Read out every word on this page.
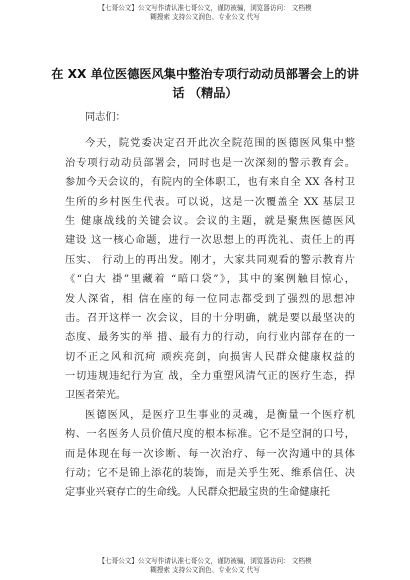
【七哥公文】公文写作请认准七哥公文，谨防被骗，浏览器访问： 文档模
糊搜索 支持公文润色、专业公文 代写
在 XX 单位医德医风集中整治专项行动动员部署会上的讲
话 （精品）
同志们：
今天，院党委决定召开此次全院范围的医德医风集中整
治专项行动动员部署会，同时也是一次深刻的警示教育会。
参加今天会议的，有院内的全体职工，也有来自全 XX 各村卫
生所的乡村医生代表。可以说，这是一次覆盖全 XX 基层卫
生 健康战线的关键会议。会议的主题，就是聚焦医德医风
建设 这一核心命题，进行一次思想上的再洗礼、责任上的再
压实、 行动上的再出发。刚才，大家共同观看的警示教育片
《“白大 褂”里藏着 “暗口袋”》，其中的案例触目惊心，
发人深省，相 信在座的每一位同志都受到了强烈的思想冲
击。召开这样一 次会议，目的十分明确，就是要以最坚决的
态度、最务实的举 措、最有力的行动，向行业内部存在的一
切不正之风和沉疴 顽疾亮剑，向损害人民群众健康权益的
一切违规违纪行为宣 战，全力重塑风清气正的医疗生态，捍
卫医者荣光。
医德医风，是医疗卫生事业的灵魂，是衡量一个医疗机
构、一名医务人员价值尺度的根本标准。它不是空洞的口号，
而是体现在每一次诊断、每一次治疗、每一次沟通中的具体
行动；它不是锦上添花的装饰，而是关乎生死、维系信任、决
定事业兴衰存亡的生命线。人民群众把最宝贵的生命健康托
【七哥公文】公文写作请认准七哥公文，谨防被骗，浏览器访问： 文档模
糊搜索 支持公文润色、专业公文 代写
